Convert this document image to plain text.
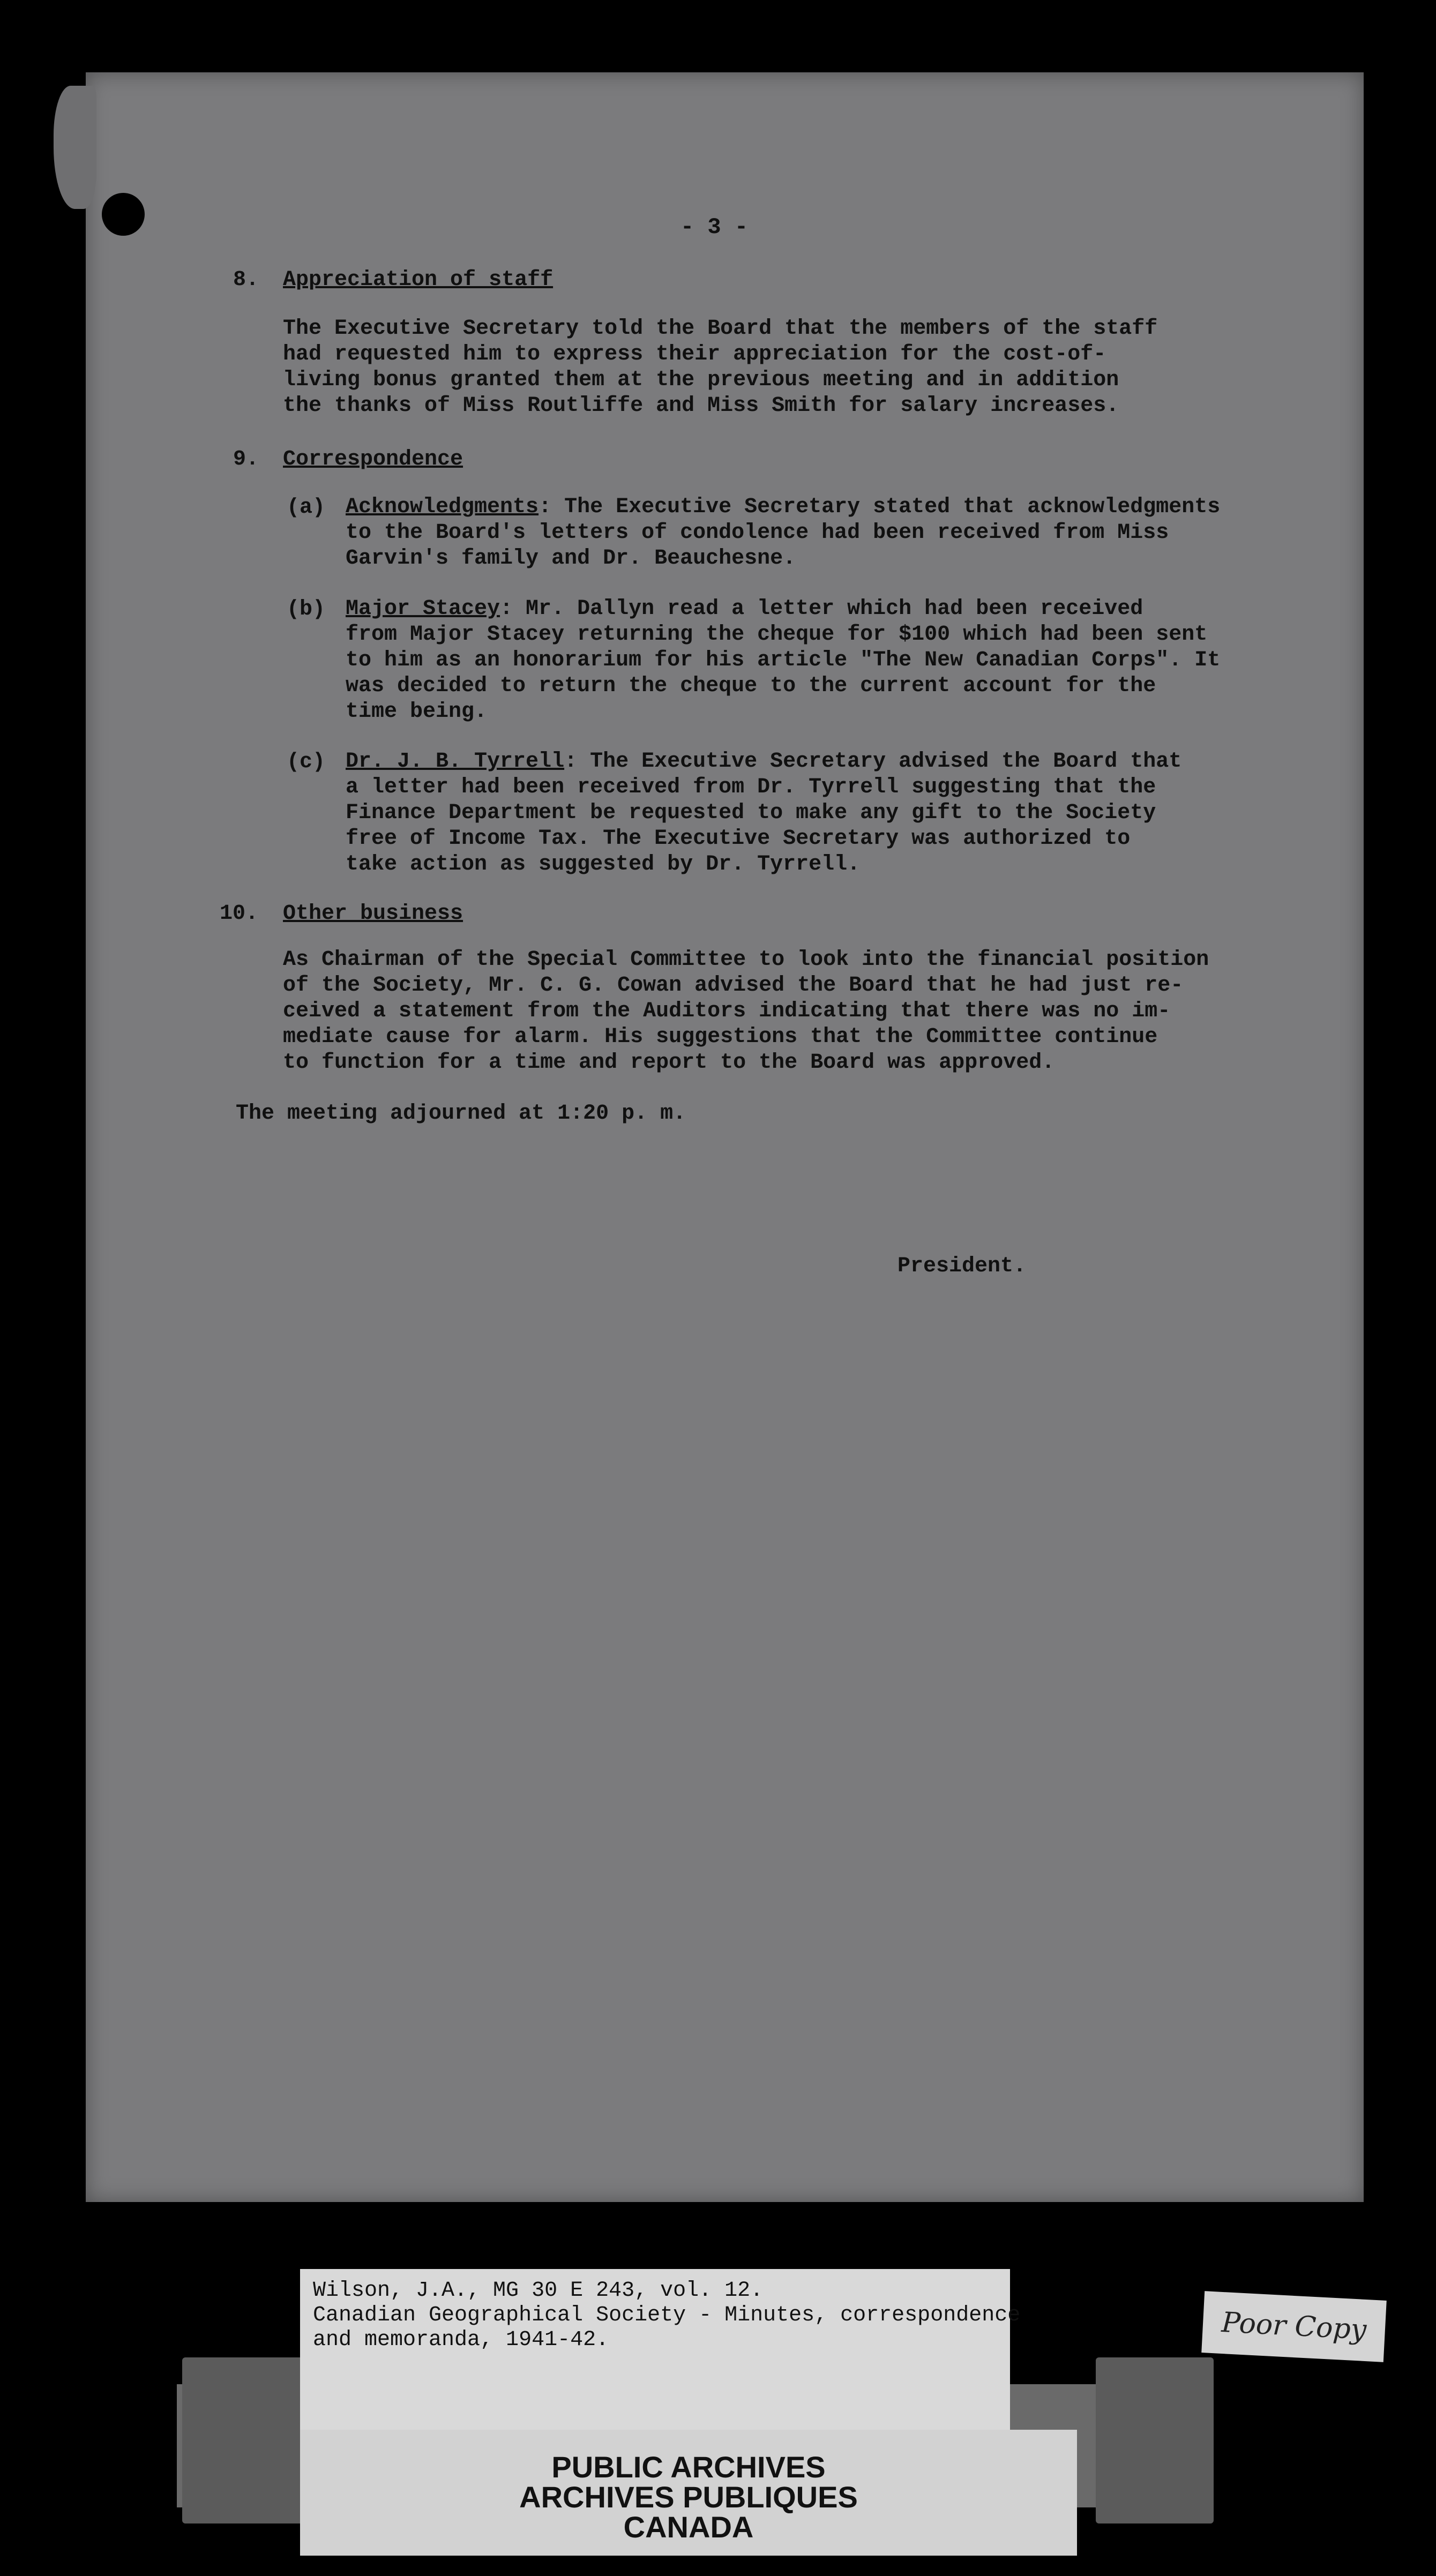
- 3 -
8. Appreciation of staff
The Executive Secretary told the Board that the members of the staff
had requested him to express their appreciation for the cost-of-
living bonus granted them at the previous meeting and in addition
the thanks of Miss Routliffe and Miss Smith for salary increases.
9. Correspondence
(a) Acknowledgments: The Executive Secretary stated that acknowledgments
to the Board's letters of condolence had been received from Miss
Garvin's family and Dr. Beauchesne.
(b) Major Stacey: Mr. Dallyn read a letter which had been received
from Major Stacey returning the cheque for $100 which had been sent
to him as an honorarium for his article "The New Canadian Corps". It
was decided to return the cheque to the current account for the
time being.
(c) Dr. J. B. Tyrrell: The Executive Secretary advised the Board that
a letter had been received from Dr. Tyrrell suggesting that the
Finance Department be requested to make any gift to the Society
free of Income Tax. The Executive Secretary was authorized to
take action as suggested by Dr. Tyrrell.
10. Other business
As Chairman of the Special Committee to look into the financial position
of the Society, Mr. C. G. Cowan advised the Board that he had just re-
ceived a statement from the Auditors indicating that there was no im-
mediate cause for alarm. His suggestions that the Committee continue
to function for a time and report to the Board was approved.
The meeting adjourned at 1:20 p. m.
President.
Wilson, J.A., MG 30 E 243, vol. 12.
Canadian Geographical Society - Minutes, correspondence
and memoranda, 1941-42.
PUBLIC ARCHIVES
ARCHIVES PUBLIQUES
CANADA
Poor Copy
